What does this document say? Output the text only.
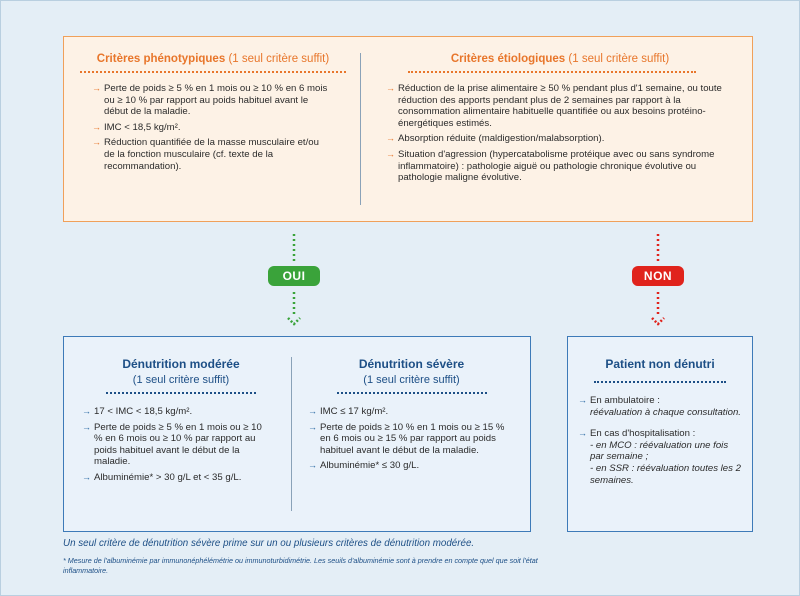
Critères phénotypiques (1 seul critère suffit)
→ Perte de poids ≥ 5 % en 1 mois ou ≥ 10 % en 6 mois ou ≥ 10 % par rapport au poids habituel avant le début de la maladie.
→ IMC < 18,5 kg/m².
→ Réduction quantifiée de la masse musculaire et/ou de la fonction musculaire (cf. texte de la recommandation).
Critères étiologiques (1 seul critère suffit)
→ Réduction de la prise alimentaire ≥ 50 % pendant plus d'1 semaine, ou toute réduction des apports pendant plus de 2 semaines par rapport à la consommation alimentaire habituelle quantifiée ou aux besoins protéino-énergétiques estimés.
→ Absorption réduite (maldigestion/malabsorption).
→ Situation d'agression (hypercatabolisme protéique avec ou sans syndrome inflammatoire) : pathologie aiguë ou pathologie chronique évolutive ou pathologie maligne évolutive.
OUI	NON
Dénutrition modérée
(1 seul critère suffit)
→ 17 < IMC < 18,5 kg/m².
→ Perte de poids ≥ 5 % en 1 mois ou ≥ 10 % en 6 mois ou ≥ 10 % par rapport au poids habituel avant le début de la maladie.
→ Albuminémie* > 30 g/L et < 35 g/L.
Dénutrition sévère
(1 seul critère suffit)
→ IMC ≤ 17 kg/m².
→ Perte de poids ≥ 10 % en 1 mois ou ≥ 15 % en 6 mois ou ≥ 15 % par rapport au poids habituel avant le début de la maladie.
→ Albuminémie* ≤ 30 g/L.
Patient non dénutri
→ En ambulatoire :
réévaluation à chaque consultation.
→ En cas d'hospitalisation :
- en MCO : réévaluation une fois par semaine ;
- en SSR : réévaluation toutes les 2 semaines.
Un seul critère de dénutrition sévère prime sur un ou plusieurs critères de dénutrition modérée.
* Mesure de l'albuminémie par immunonéphélémétrie ou immunoturbidimétrie. Les seuils d'albuminémie sont à prendre en compte quel que soit l'état inflammatoire.
